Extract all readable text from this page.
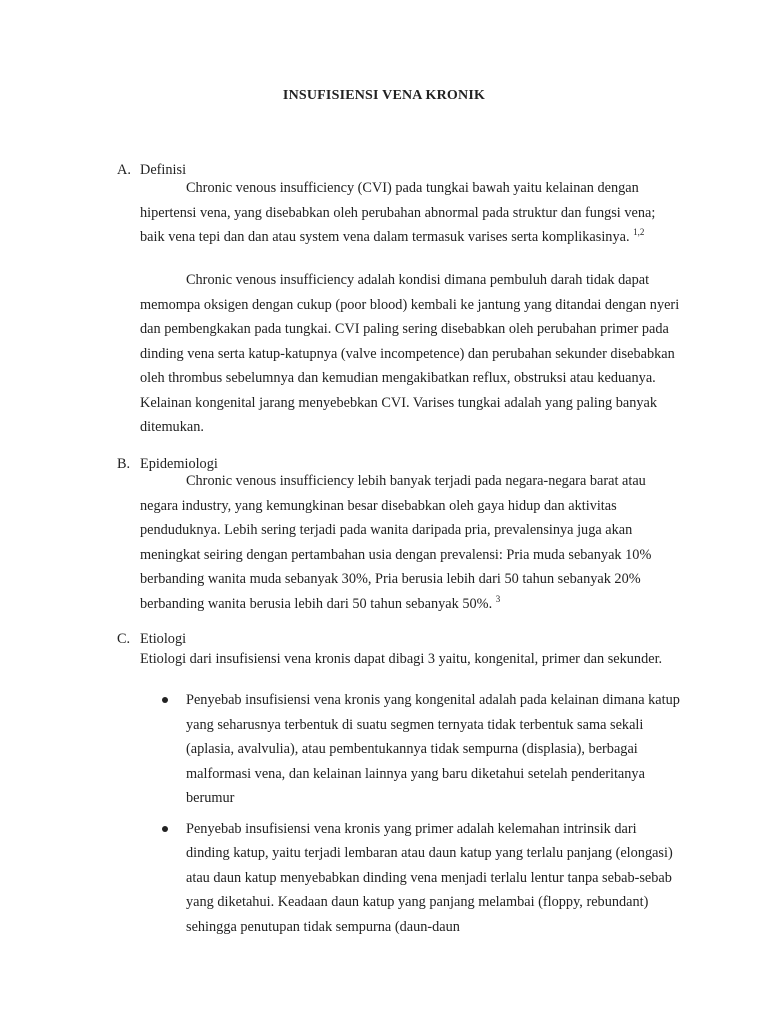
INSUFISIENSI VENA KRONIK
A. Definisi

Chronic venous insufficiency (CVI) pada tungkai bawah yaitu kelainan dengan hipertensi vena, yang disebabkan oleh perubahan abnormal pada struktur dan fungsi vena; baik vena tepi dan dan atau system vena dalam termasuk varises serta komplikasinya. $^{1,2}$

Chronic venous insufficiency adalah kondisi dimana pembuluh darah tidak dapat memompa oksigen dengan cukup (poor blood) kembali ke jantung yang ditandai dengan nyeri dan pembengkakan pada tungkai. CVI paling sering disebabkan oleh perubahan primer pada dinding vena serta katup-katupnya (valve incompetence) dan perubahan sekunder disebabkan oleh thrombus sebelumnya dan kemudian mengakibatkan reflux, obstruksi atau keduanya. Kelainan kongenital jarang menyebebkan CVI. Varises tungkai adalah yang paling banyak ditemukan.

B. Epidemiologi

Chronic venous insufficiency lebih banyak terjadi pada negara-negara barat atau negara industry, yang kemungkinan besar disebabkan oleh gaya hidup dan aktivitas penduduknya. Lebih sering terjadi pada wanita daripada pria, prevalensinya juga akan meningkat seiring dengan pertambahan usia dengan prevalensi: Pria muda sebanyak 10% berbanding wanita muda sebanyak 30%, Pria berusia lebih dari 50 tahun sebanyak 20% berbanding wanita berusia lebih dari 50 tahun sebanyak 50%. $^3$

C. Etiologi

Etiologi dari insufisiensi vena kronis dapat dibagi 3 yaitu, kongenital, primer dan sekunder.

Penyebab insufisiensi vena kronis yang kongenital adalah pada kelainan dimana katup yang seharusnya terbentuk di suatu segmen ternyata tidak terbentuk sama sekali (aplasia, avalvulia), atau pembentukannya tidak sempurna (displasia), berbagai malformasi vena, dan kelainan lainnya yang baru diketahui setelah penderitanya berumur
Penyebab insufisiensi vena kronis yang primer adalah kelemahan intrinsik dari dinding katup, yaitu terjadi lembaran atau daun katup yang terlalu panjang (elongasi) atau daun katup menyebabkan dinding vena menjadi terlalu lentur tanpa sebab-sebab yang diketahui. Keadaan daun katup yang panjang melambai (floppy, rebundant) sehingga penutupan tidak sempurna (daun-daun
